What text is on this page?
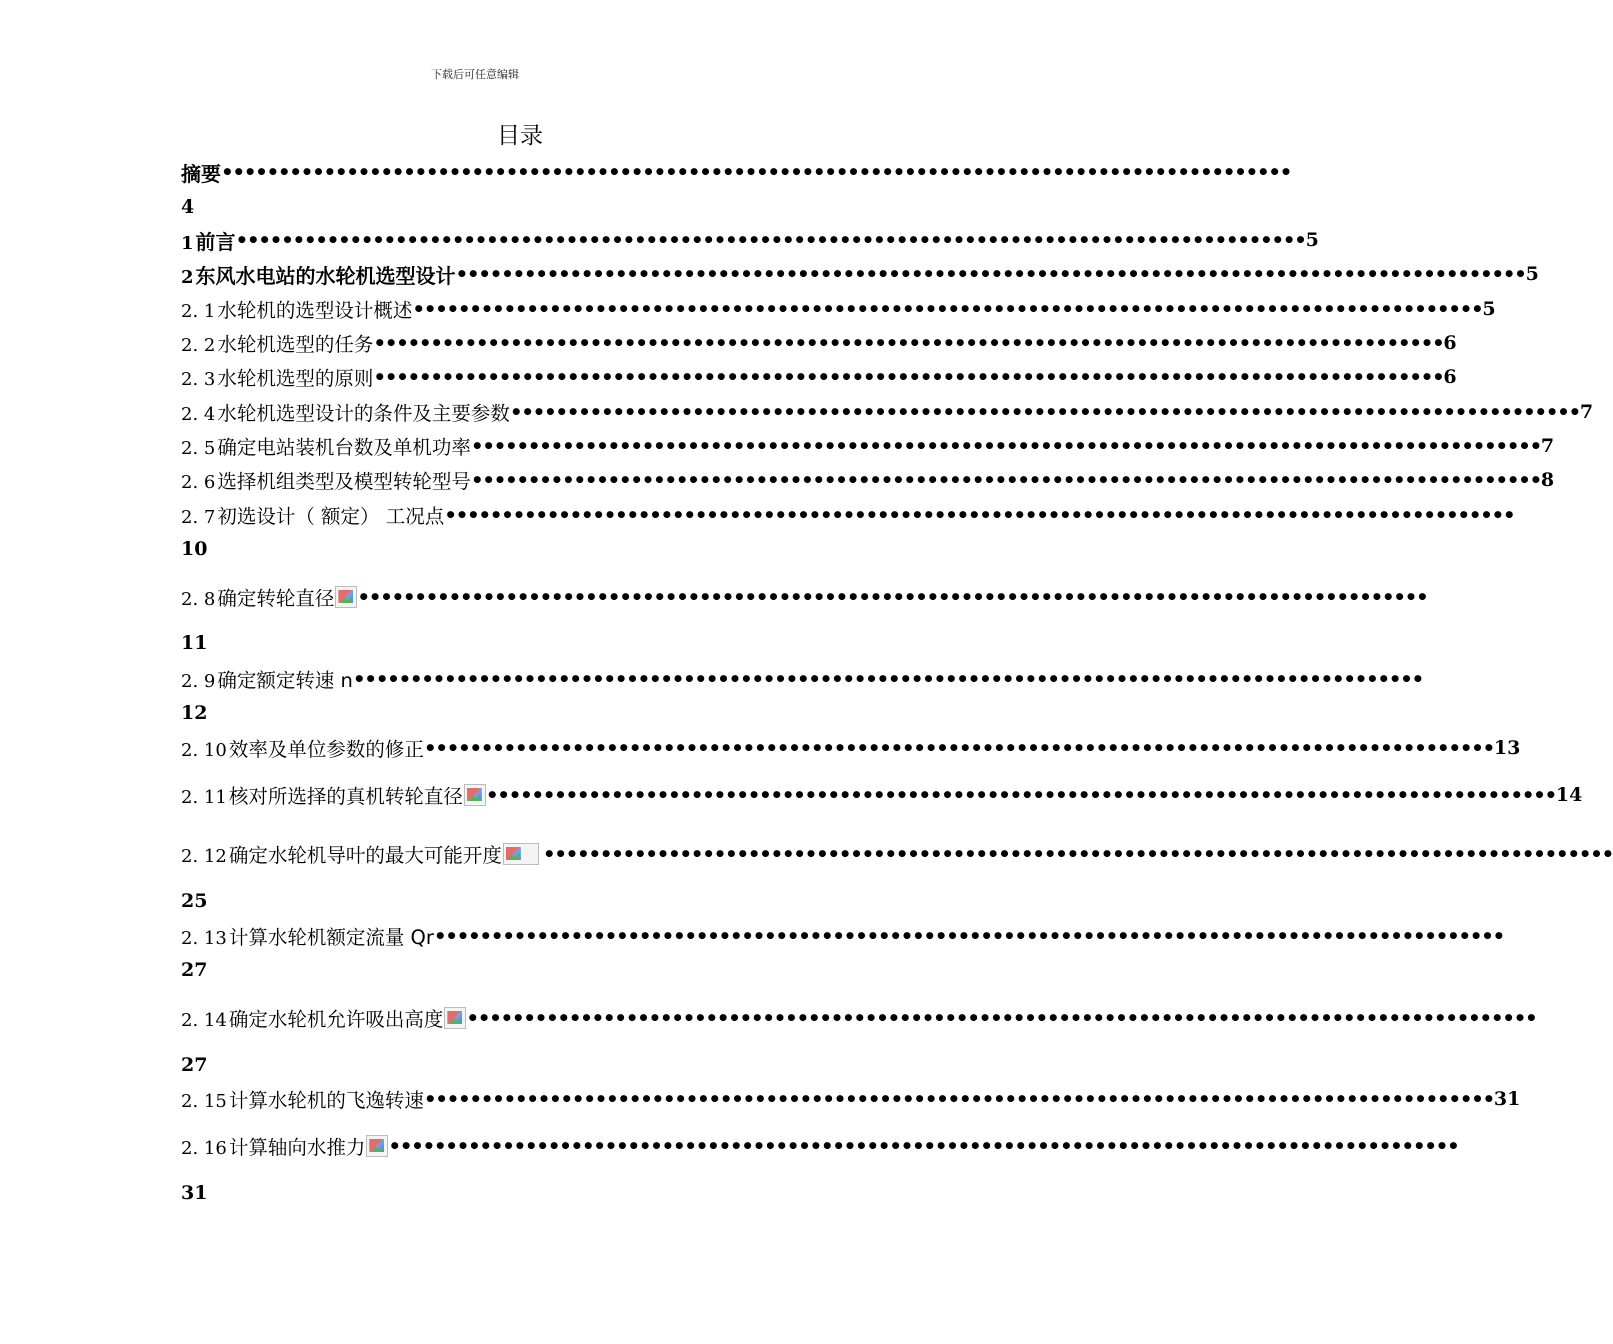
下载后可任意编辑
目录
摘要 ••••••••••••••••••••••••••••••••••••••••••••••••••••••••••••••••••••••••••••••••••••••••••••••
4
1 前言 •••••••••••••••••••••••••••••••••••••••••••••••••••••••••••••••••••••••••••••••••••••••••••••• 5
2 东风水电站的水轮机选型设计 •••••••••••••••••••••••••••••••••••••••••••••••••••••••••••••••••••••••••••••••••••••••••••••• 5
2. 1 水轮机的选型设计概述 •••••••••••••••••••••••••••••••••••••••••••••••••••••••••••••••••••••••••••••••••••••••••••••• 5
2. 2 水轮机选型的任务 •••••••••••••••••••••••••••••••••••••••••••••••••••••••••••••••••••••••••••••••••••••••••••••• 6
2. 3 水轮机选型的原则 •••••••••••••••••••••••••••••••••••••••••••••••••••••••••••••••••••••••••••••••••••••••••••••• 6
2. 4 水轮机选型设计的条件及主要参数 •••••••••••••••••••••••••••••••••••••••••••••••••••••••••••••••••••••••••••••••••••••••••••••• 7
2. 5 确定电站装机台数及单机功率 •••••••••••••••••••••••••••••••••••••••••••••••••••••••••••••••••••••••••••••••••••••••••••••• 7
2. 6 选择机组类型及模型转轮型号 •••••••••••••••••••••••••••••••••••••••••••••••••••••••••••••••••••••••••••••••••••••••••••••• 8
2. 7 初选设计（ 额定） 工况点 ••••••••••••••••••••••••••••••••••••••••••••••••••••••••••••••••••••••••••••••••••••••••••••••
10
2. 8 确定转轮直径 ••••••••••••••••••••••••••••••••••••••••••••••••••••••••••••••••••••••••••••••••••••••••••••••
11
2. 9 确定额定转速 n ••••••••••••••••••••••••••••••••••••••••••••••••••••••••••••••••••••••••••••••••••••••••••••••
12
2. 10 效率及单位参数的修正 •••••••••••••••••••••••••••••••••••••••••••••••••••••••••••••••••••••••••••••••••••••••••••••• 13
2. 11 核对所选择的真机转轮直径 •••••••••••••••••••••••••••••••••••••••••••••••••••••••••••••••••••••••••••••••••••••••••••••• 14
2. 12 确定水轮机导叶的最大可能开度 ••••••••••••••••••••••••••••••••••••••••••••••••••••••••••••••••••••••••••••••••••••••••••••••
25
2. 13 计算水轮机额定流量 Qr ••••••••••••••••••••••••••••••••••••••••••••••••••••••••••••••••••••••••••••••••••••••••••••••
27
2. 14 确定水轮机允许吸出高度 ••••••••••••••••••••••••••••••••••••••••••••••••••••••••••••••••••••••••••••••••••••••••••••••
27
2. 15 计算水轮机的飞逸转速 •••••••••••••••••••••••••••••••••••••••••••••••••••••••••••••••••••••••••••••••••••••••••••••• 31
2. 16 计算轴向水推力 ••••••••••••••••••••••••••••••••••••••••••••••••••••••••••••••••••••••••••••••••••••••••••••••
31
